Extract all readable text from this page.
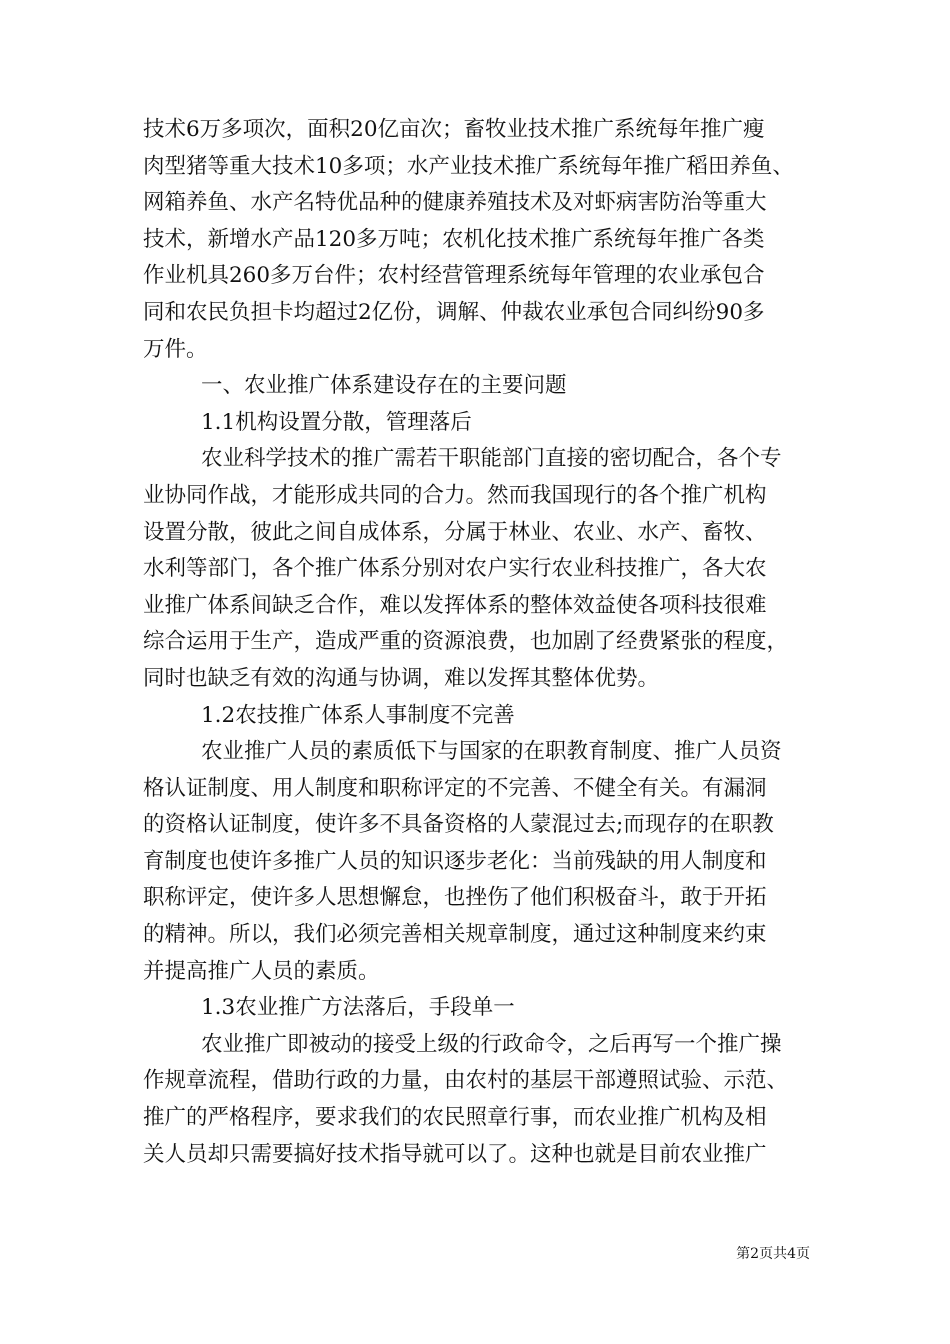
技术6万多项次，面积20亿亩次；畜牧业技术推广系统每年推广瘦
肉型猪等重大技术10多项；水产业技术推广系统每年推广稻田养鱼、
网箱养鱼、水产名特优品种的健康养殖技术及对虾病害防治等重大
技术，新增水产品120多万吨；农机化技术推广系统每年推广各类
作业机具260多万台件；农村经营管理系统每年管理的农业承包合
同和农民负担卡均超过2亿份，调解、仲裁农业承包合同纠纷90多
万件。
一、农业推广体系建设存在的主要问题
1.1机构设置分散，管理落后
农业科学技术的推广需若干职能部门直接的密切配合，各个专
业协同作战，才能形成共同的合力。然而我国现行的各个推广机构
设置分散，彼此之间自成体系，分属于林业、农业、水产、畜牧、
水利等部门，各个推广体系分别对农户实行农业科技推广，各大农
业推广体系间缺乏合作，难以发挥体系的整体效益使各项科技很难
综合运用于生产，造成严重的资源浪费，也加剧了经费紧张的程度，
同时也缺乏有效的沟通与协调，难以发挥其整体优势。
1.2农技推广体系人事制度不完善
农业推广人员的素质低下与国家的在职教育制度、推广人员资
格认证制度、用人制度和职称评定的不完善、不健全有关。有漏洞
的资格认证制度，使许多不具备资格的人蒙混过去;而现存的在职教
育制度也使许多推广人员的知识逐步老化：当前残缺的用人制度和
职称评定，使许多人思想懈怠，也挫伤了他们积极奋斗，敢于开拓
的精神。所以，我们必须完善相关规章制度，通过这种制度来约束
并提高推广人员的素质。
1.3农业推广方法落后，手段单一
农业推广即被动的接受上级的行政命令，之后再写一个推广操
作规章流程，借助行政的力量，由农村的基层干部遵照试验、示范、
推广的严格程序，要求我们的农民照章行事，而农业推广机构及相
关人员却只需要搞好技术指导就可以了。这种也就是目前农业推广
第2页共4页
